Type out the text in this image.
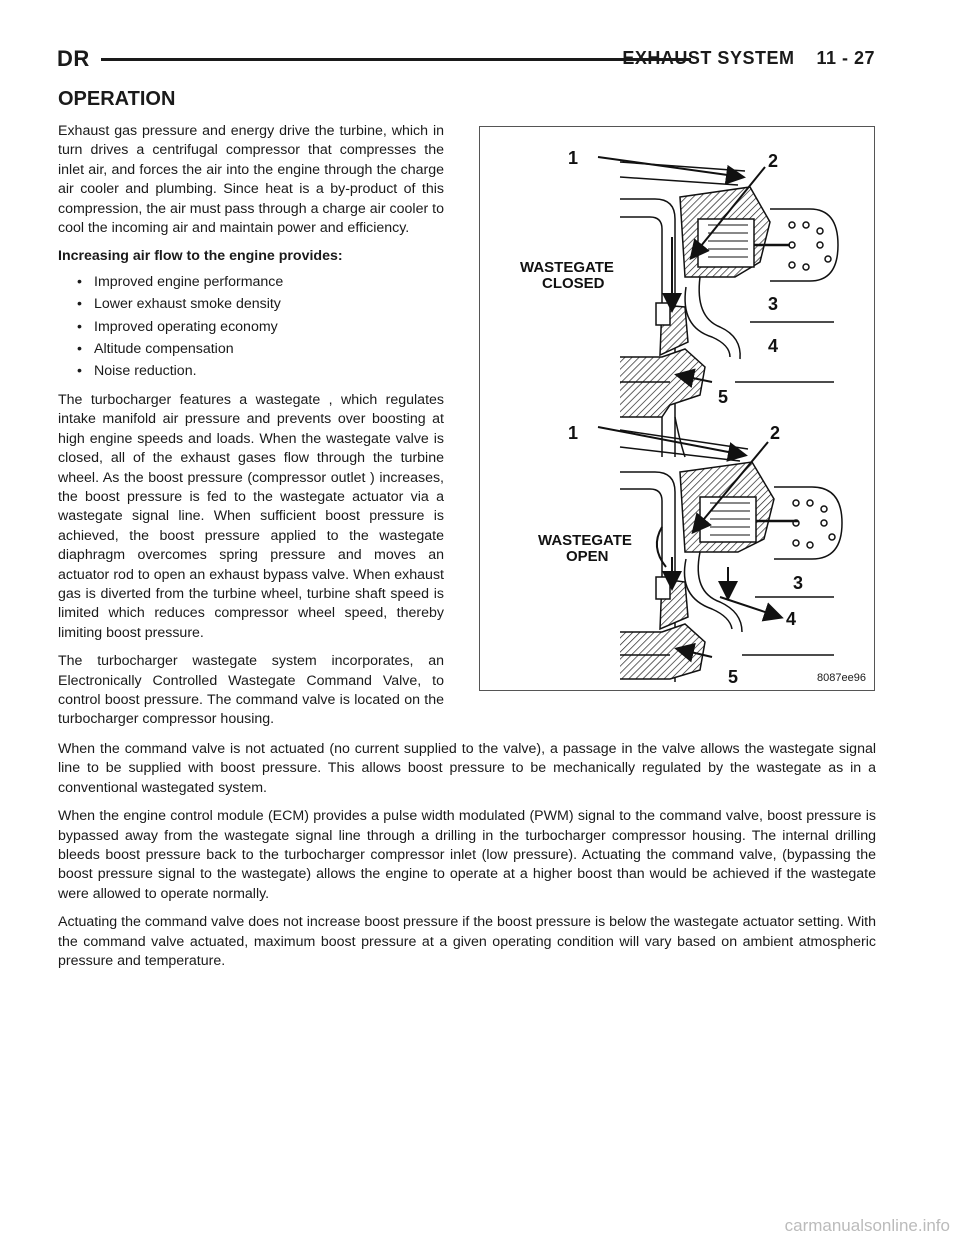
DR	EXHAUST SYSTEM 11 - 27
OPERATION

Exhaust gas pressure and energy drive the turbine, which in turn drives a centrifugal compressor that compresses the inlet air, and forces the air into the engine through the charge air cooler and plumbing. Since heat is a by-product of this compression, the air must pass through a charge air cooler to cool the incoming air and maintain power and efficiency.

Increasing air flow to the engine provides:

• Improved engine performance
• Lower exhaust smoke density
• Improved operating economy
• Altitude compensation
• Noise reduction.

The turbocharger features a wastegate , which regulates intake manifold air pressure and prevents over boosting at high engine speeds and loads. When the wastegate valve is closed, all of the exhaust gases flow through the turbine wheel. As the boost pressure (compressor outlet ) increases, the boost pressure is fed to the wastegate actuator via a wastegate signal line. When sufficient boost pressure is achieved, the boost pressure applied to the wastegate diaphragm overcomes spring pressure and moves an actuator rod to open an exhaust bypass valve. When exhaust gas is diverted from the turbine wheel, turbine shaft speed is limited which reduces compressor wheel speed, thereby limiting boost pressure.

The turbocharger wastegate system incorporates, an Electronically Controlled Wastegate Command Valve, to control boost pressure. The command valve is located on the turbocharger compressor housing.

WASTEGATE
CLOSED
1	2
3
4
5
WASTEGATE
OPEN
1	2
3
4
5	8087ee96

When the command valve is not actuated (no current supplied to the valve), a passage in the valve allows the wastegate signal line to be supplied with boost pressure. This allows boost pressure to be mechanically regulated by the wastegate as in a conventional wastegated system.

When the engine control module (ECM) provides a pulse width modulated (PWM) signal to the command valve, boost pressure is bypassed away from the wastegate signal line through a drilling in the turbocharger compressor housing. The internal drilling bleeds boost pressure back to the turbocharger compressor inlet (low pressure). Actuating the command valve, (bypassing the boost pressure signal to the wastegate) allows the engine to operate at a higher boost than would be achieved if the wastegate were allowed to operate normally.

Actuating the command valve does not increase boost pressure if the boost pressure is below the wastegate actuator setting. With the command valve actuated, maximum boost pressure at a given operating condition will vary based on ambient atmospheric pressure and temperature.

carmanualsonline.info
